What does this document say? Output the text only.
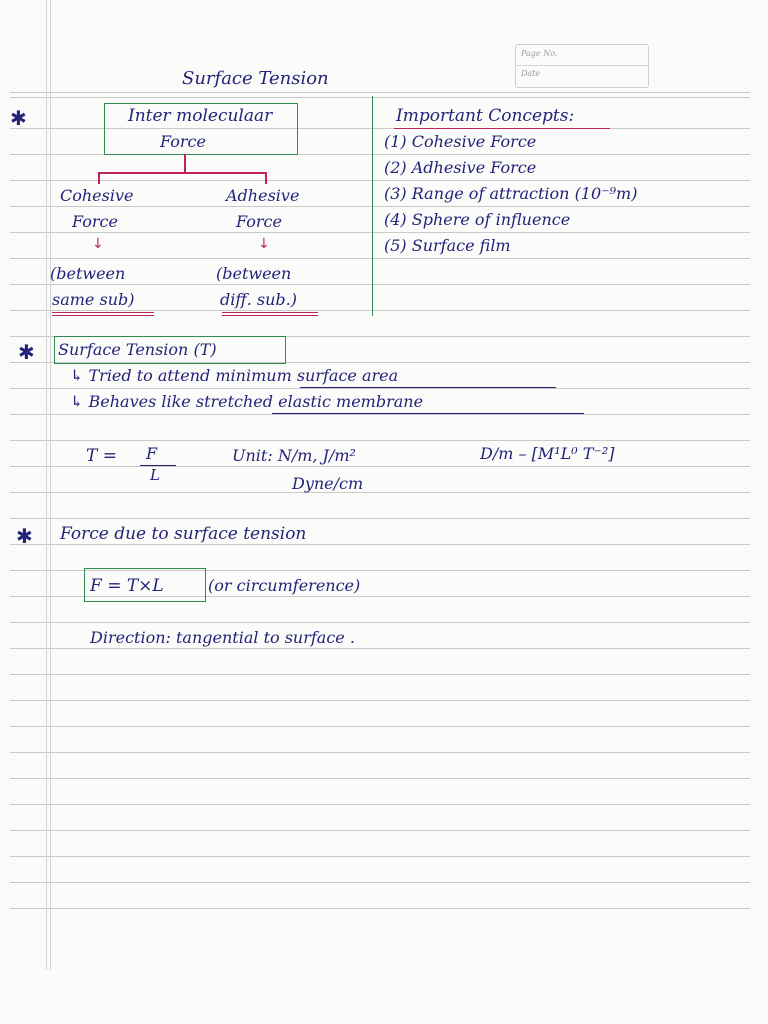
Page No.
Date
Surface Tension
✱	Inter moleculaar
Force
Cohesive
Force
↓
(between
same sub)
Adhesive
Force
↓
(between
diff. sub.)
Important Concepts:
(1) Cohesive Force
(2) Adhesive Force
(3) Range of attraction (10⁻⁹m)
(4) Sphere of influence
(5) Surface film
✱ Surface Tension (T)
↳ Tried to attend minimum surface area
↳ Behaves like stretched elastic membrane
T = F
L
Unit: N/m, J/m²
Dyne/cm
D/m – [M¹L⁰ T⁻²]
✱ Force due to surface tension
F = T×L	(or circumference)
Direction: tangential to surface .
